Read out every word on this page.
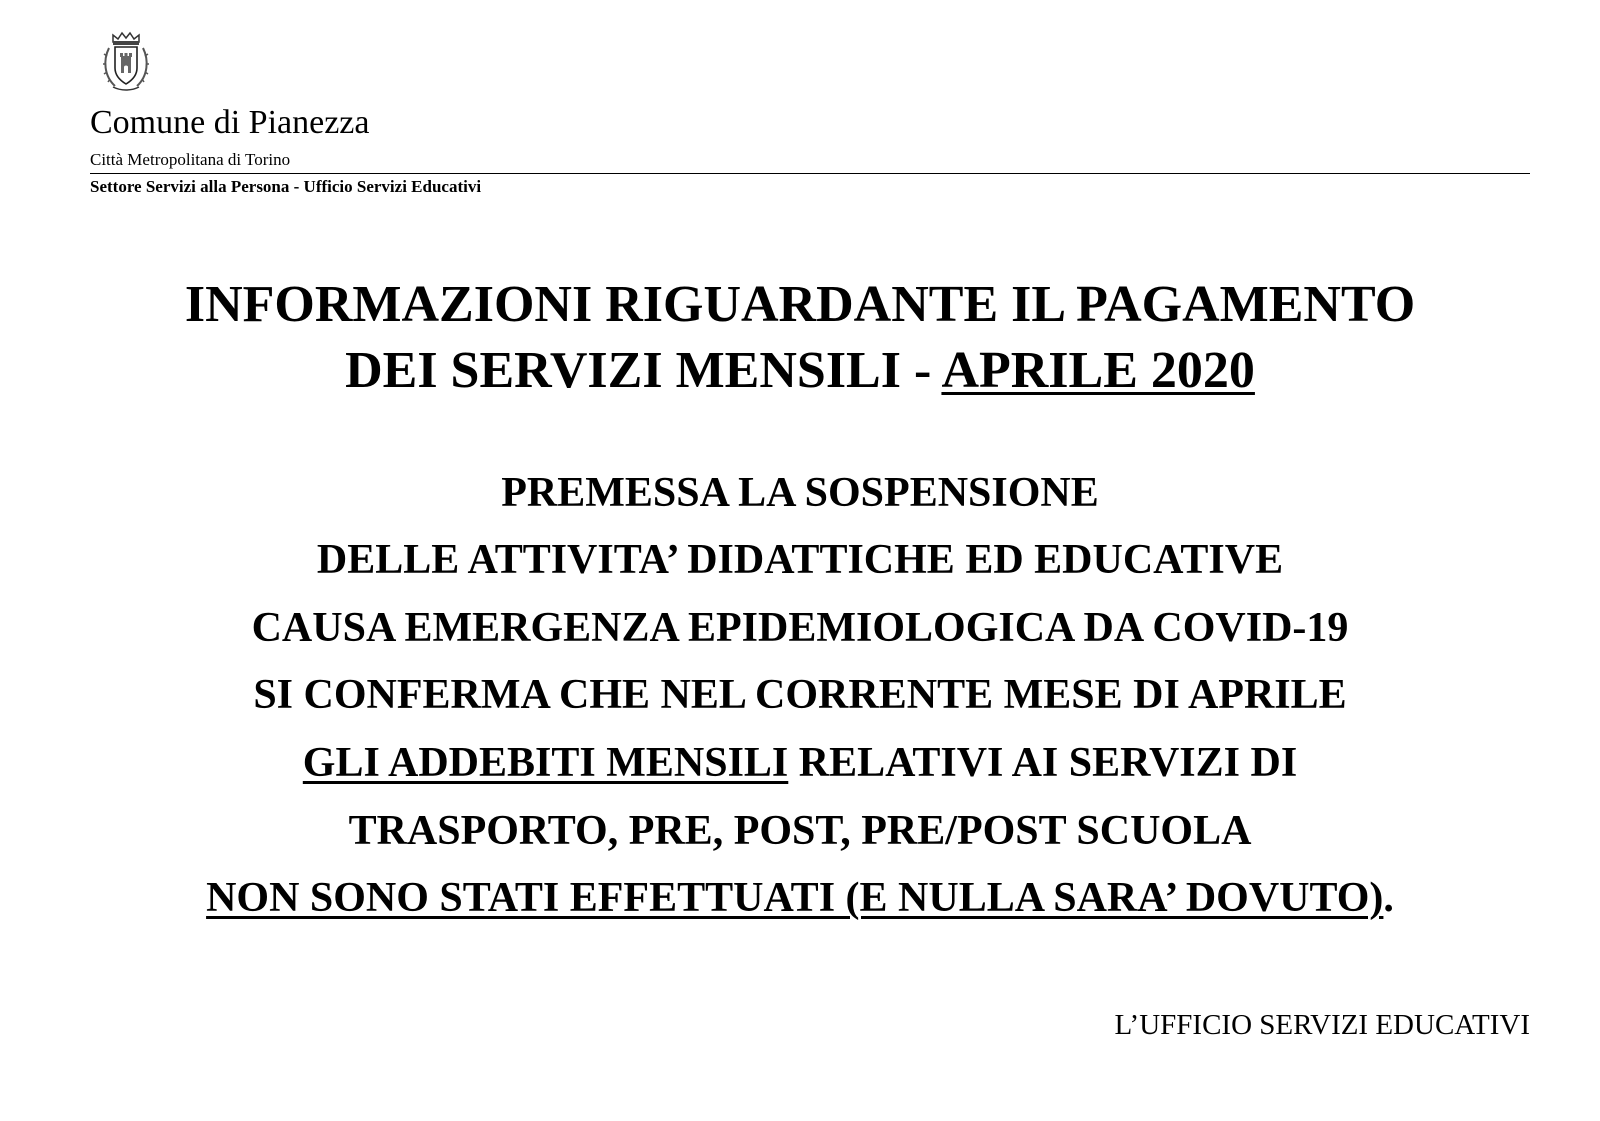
Comune di Pianezza
Città Metropolitana di Torino
Settore Servizi alla Persona - Ufficio Servizi Educativi
INFORMAZIONI RIGUARDANTE IL PAGAMENTO
DEI SERVIZI MENSILI - APRILE 2020
PREMESSA LA SOSPENSIONE
DELLE ATTIVITA’ DIDATTICHE ED EDUCATIVE
CAUSA EMERGENZA EPIDEMIOLOGICA DA COVID-19
SI CONFERMA CHE NEL CORRENTE MESE DI APRILE
GLI ADDEBITI MENSILI RELATIVI AI SERVIZI DI
TRASPORTO, PRE, POST, PRE/POST SCUOLA
NON SONO STATI EFFETTUATI (E NULLA SARA’ DOVUTO).
L’UFFICIO SERVIZI EDUCATIVI
